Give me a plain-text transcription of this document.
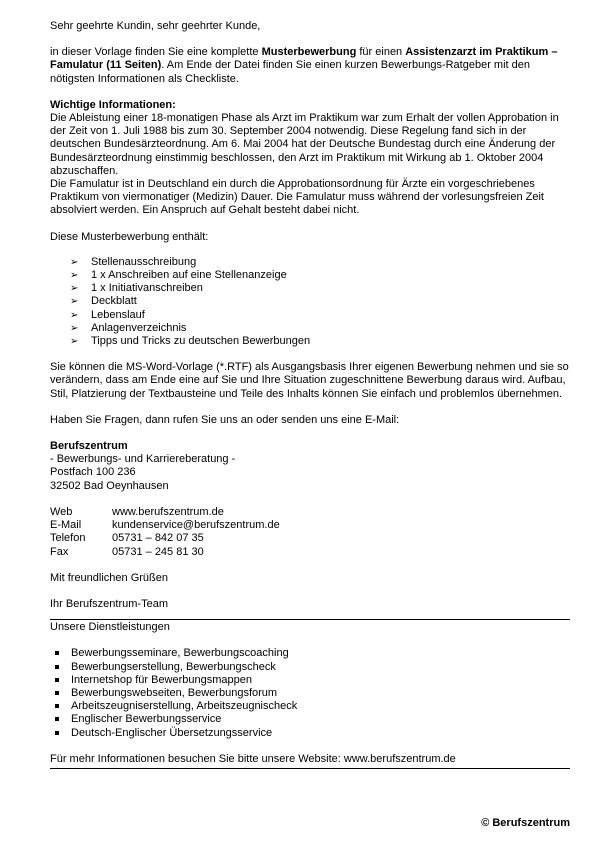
Sehr geehrte Kundin, sehr geehrter Kunde,

in dieser Vorlage finden Sie eine komplette Musterbewerbung für einen Assistenzarzt im Praktikum – Famulatur (11 Seiten). Am Ende der Datei finden Sie einen kurzen Bewerbungs-Ratgeber mit den nötigsten Informationen als Checkliste.

Wichtige Informationen:

Die Ableistung einer 18-monatigen Phase als Arzt im Praktikum war zum Erhalt der vollen Approbation in der Zeit von 1. Juli 1988 bis zum 30. September 2004 notwendig. Diese Regelung fand sich in der deutschen Bundesärzteordnung. Am 6. Mai 2004 hat der Deutsche Bundestag durch eine Änderung der Bundesärzteordnung einstimmig beschlossen, den Arzt im Praktikum mit Wirkung ab 1. Oktober 2004 abzuschaffen.

Die Famulatur ist in Deutschland ein durch die Approbationsordnung für Ärzte ein vorgeschriebenes Praktikum von viermonatiger (Medizin) Dauer. Die Famulatur muss während der vorlesungsfreien Zeit absolviert werden. Ein Anspruch auf Gehalt besteht dabei nicht.

Diese Musterbewerbung enthält:

➢ Stellenausschreibung
➢ 1 x Anschreiben auf eine Stellenanzeige
➢ 1 x Initiativanschreiben
➢ Deckblatt
➢ Lebenslauf
➢ Anlagenverzeichnis
➢ Tipps und Tricks zu deutschen Bewerbungen

Sie können die MS-Word-Vorlage (*.RTF) als Ausgangsbasis Ihrer eigenen Bewerbung nehmen und sie so verändern, dass am Ende eine auf Sie und Ihre Situation zugeschnittene Bewerbung daraus wird. Aufbau, Stil, Platzierung der Textbausteine und Teile des Inhalts können Sie einfach und problemlos übernehmen.

Haben Sie Fragen, dann rufen Sie uns an oder senden uns eine E-Mail:

Berufszentrum

- Bewerbungs- und Karriereberatung -

Postfach 100 236

32502 Bad Oeynhausen

Web	www.berufszentrum.de
E-Mail	kundenservice@berufszentrum.de
Telefon	05731 – 842 07 35
Fax	05731 – 245 81 30

Mit freundlichen Grüßen

Ihr Berufszentrum-Team

Unsere Dienstleistungen

Bewerbungsseminare, Bewerbungscoaching
Bewerbungserstellung, Bewerbungscheck
Internetshop für Bewerbungsmappen
Bewerbungswebseiten, Bewerbungsforum
Arbeitszeugniserstellung, Arbeitszeugnischeck
Englischer Bewerbungsservice
Deutsch-Englischer Übersetzungsservice

Für mehr Informationen besuchen Sie bitte unsere Website: www.berufszentrum.de

© Berufszentrum
